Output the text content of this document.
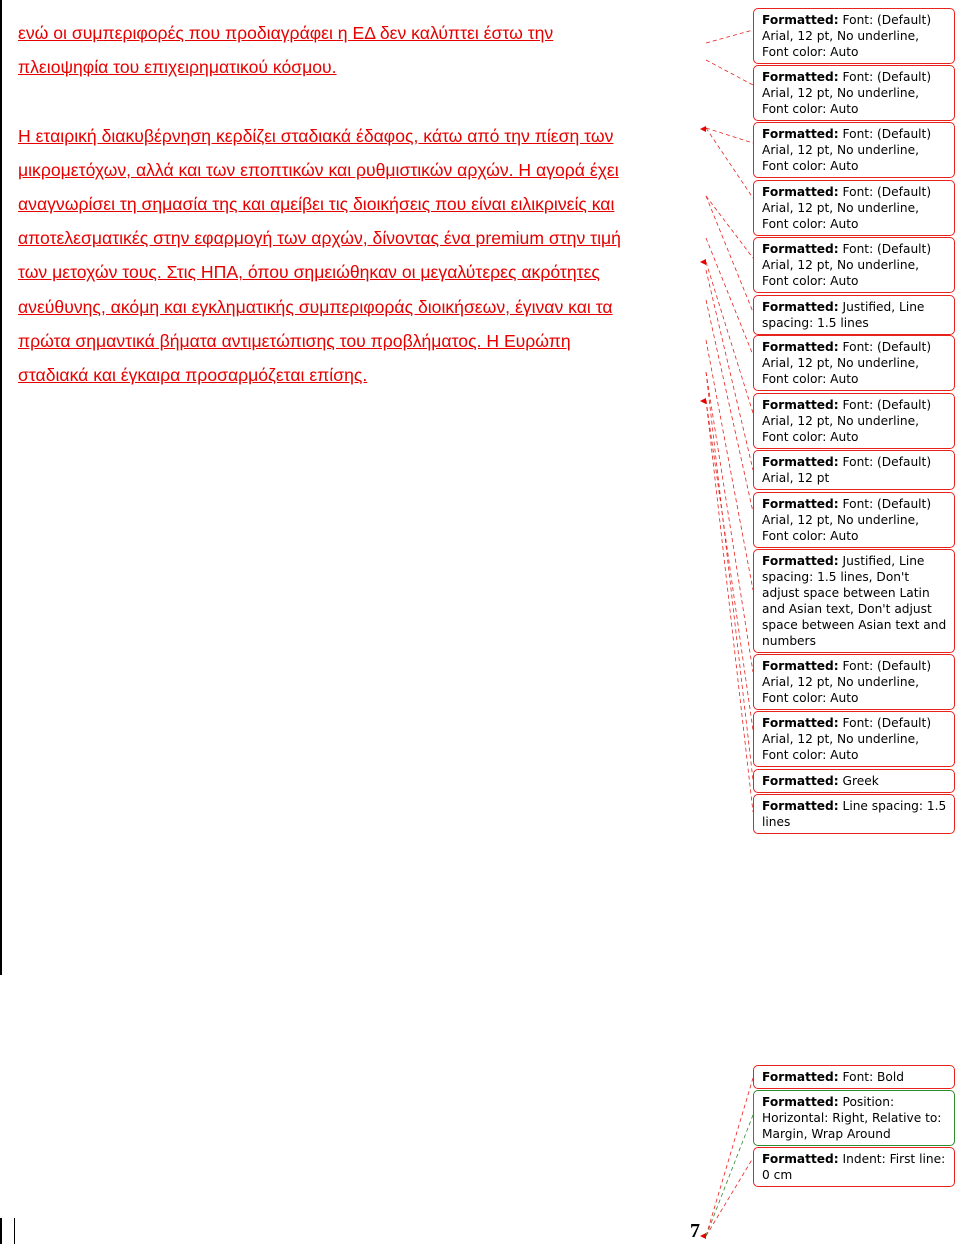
ενώ οι συμπεριφορές που προδιαγράφει η ΕΔ δεν καλύπτει έστω την
πλειοψηφία του επιχειρηματικού κόσμου.
Η εταιρική διακυβέρνηση κερδίζει σταδιακά έδαφος, κάτω από την πίεση των
μικρομετόχων, αλλά και των εποπτικών και ρυθμιστικών αρχών. Η αγορά έχει
αναγνωρίσει τη σημασία της και αμείβει τις διοικήσεις που είναι ειλικρινείς και
αποτελεσματικές στην εφαρμογή των αρχών, δίνοντας ένα premium στην τιμή
των μετοχών τους. Στις ΗΠΑ, όπου σημειώθηκαν οι μεγαλύτερες ακρότητες
ανεύθυνης, ακόμη και εγκληματικής συμπεριφοράς διοικήσεων, έγιναν και τα
πρώτα σημαντικά βήματα αντιμετώπισης του προβλήματος. Η Ευρώπη
σταδιακά και έγκαιρα προσαρμόζεται επίσης.
Formatted: Font: (Default) Arial, 12 pt, No underline, Font color: Auto
Formatted: Font: (Default) Arial, 12 pt, No underline, Font color: Auto
Formatted: Font: (Default) Arial, 12 pt, No underline, Font color: Auto
Formatted: Font: (Default) Arial, 12 pt, No underline, Font color: Auto
Formatted: Font: (Default) Arial, 12 pt, No underline, Font color: Auto
Formatted: Justified, Line spacing: 1.5 lines
Formatted: Font: (Default) Arial, 12 pt, No underline, Font color: Auto
Formatted: Font: (Default) Arial, 12 pt, No underline, Font color: Auto
Formatted: Font: (Default) Arial, 12 pt
Formatted: Font: (Default) Arial, 12 pt, No underline, Font color: Auto
Formatted: Justified, Line spacing: 1.5 lines, Don't adjust space between Latin and Asian text, Don't adjust space between Asian text and numbers
Formatted: Font: (Default) Arial, 12 pt, No underline, Font color: Auto
Formatted: Font: (Default) Arial, 12 pt, No underline, Font color: Auto
Formatted: Greek
Formatted: Line spacing: 1.5 lines
Formatted: Font: Bold
Formatted: Position: Horizontal: Right, Relative to: Margin, Wrap Around
Formatted: Indent: First line: 0 cm
7
